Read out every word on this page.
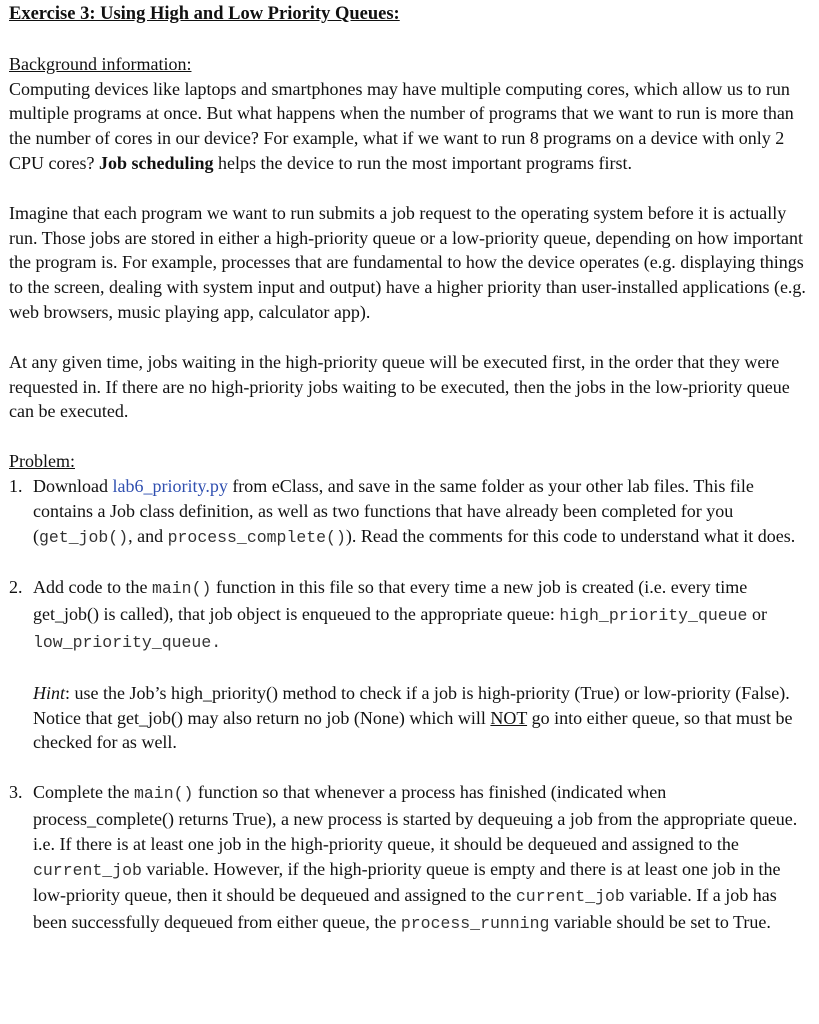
Exercise 3: Using High and Low Priority Queues:

Background information:

Computing devices like laptops and smartphones may have multiple computing cores, which allow us to run multiple programs at once. But what happens when the number of programs that we want to run is more than the number of cores in our device? For example, what if we want to run 8 programs on a device with only 2 CPU cores? Job scheduling helps the device to run the most important programs first.

Imagine that each program we want to run submits a job request to the operating system before it is actually run. Those jobs are stored in either a high-priority queue or a low-priority queue, depending on how important the program is. For example, processes that are fundamental to how the device operates (e.g. displaying things to the screen, dealing with system input and output) have a higher priority than user-installed applications (e.g. web browsers, music playing app, calculator app).

At any given time, jobs waiting in the high-priority queue will be executed first, in the order that they were requested in. If there are no high-priority jobs waiting to be executed, then the jobs in the low-priority queue can be executed.

Problem:

1. Download lab6_priority.py from eClass, and save in the same folder as your other lab files. This file contains a Job class definition, as well as two functions that have already been completed for you (get_job(), and process_complete()). Read the comments for this code to understand what it does.

2. Add code to the main() function in this file so that every time a new job is created (i.e. every time get_job() is called), that job object is enqueued to the appropriate queue: high_priority_queue or low_priority_queue.

Hint: use the Job’s high_priority() method to check if a job is high-priority (True) or low-priority (False). Notice that get_job() may also return no job (None) which will NOT go into either queue, so that must be checked for as well.

3. Complete the main() function so that whenever a process has finished (indicated when process_complete() returns True), a new process is started by dequeuing a job from the appropriate queue. i.e. If there is at least one job in the high-priority queue, it should be dequeued and assigned to the current_job variable. However, if the high-priority queue is empty and there is at least one job in the low-priority queue, then it should be dequeued and assigned to the current_job variable. If a job has been successfully dequeued from either queue, the process_running variable should be set to True.
